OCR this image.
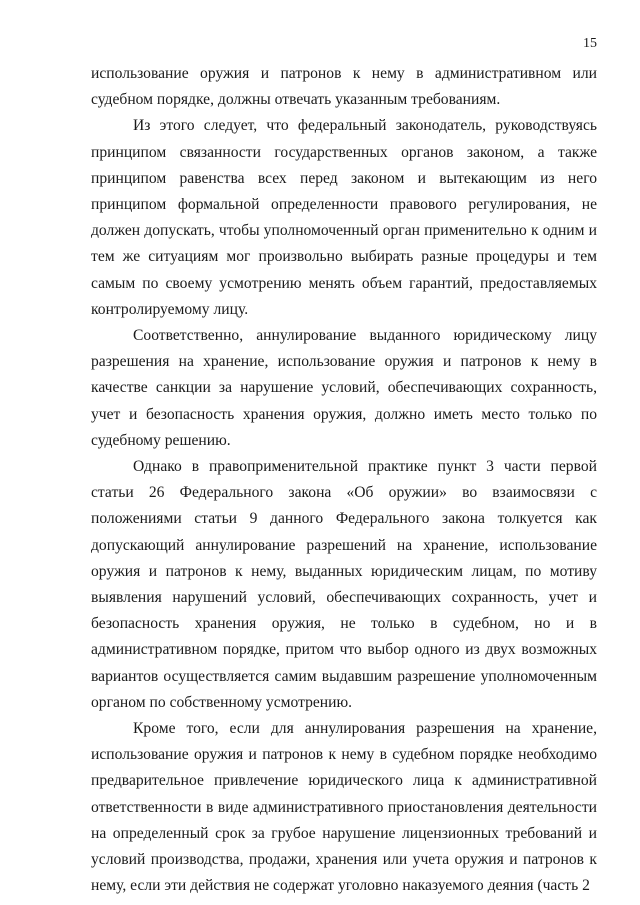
15

использование оружия и патронов к нему в административном или судебном порядке, должны отвечать указанным требованиям.

Из этого следует, что федеральный законодатель, руководствуясь принципом связанности государственных органов законом, а также принципом равенства всех перед законом и вытекающим из него принципом формальной определенности правового регулирования, не должен допускать, чтобы уполномоченный орган применительно к одним и тем же ситуациям мог произвольно выбирать разные процедуры и тем самым по своему усмотрению менять объем гарантий, предоставляемых контролируемому лицу.

Соответственно, аннулирование выданного юридическому лицу разрешения на хранение, использование оружия и патронов к нему в качестве санкции за нарушение условий, обеспечивающих сохранность, учет и безопасность хранения оружия, должно иметь место только по судебному решению.

Однако в правоприменительной практике пункт 3 части первой статьи 26 Федерального закона «Об оружии» во взаимосвязи с положениями статьи 9 данного Федерального закона толкуется как допускающий аннулирование разрешений на хранение, использование оружия и патронов к нему, выданных юридическим лицам, по мотиву выявления нарушений условий, обеспечивающих сохранность, учет и безопасность хранения оружия, не только в судебном, но и в административном порядке, притом что выбор одного из двух возможных вариантов осуществляется самим выдавшим разрешение уполномоченным органом по собственному усмотрению.

Кроме того, если для аннулирования разрешения на хранение, использование оружия и патронов к нему в судебном порядке необходимо предварительное привлечение юридического лица к административной ответственности в виде административного приостановления деятельности на определенный срок за грубое нарушение лицензионных требований и условий производства, продажи, хранения или учета оружия и патронов к нему, если эти действия не содержат уголовно наказуемого деяния (часть 2
